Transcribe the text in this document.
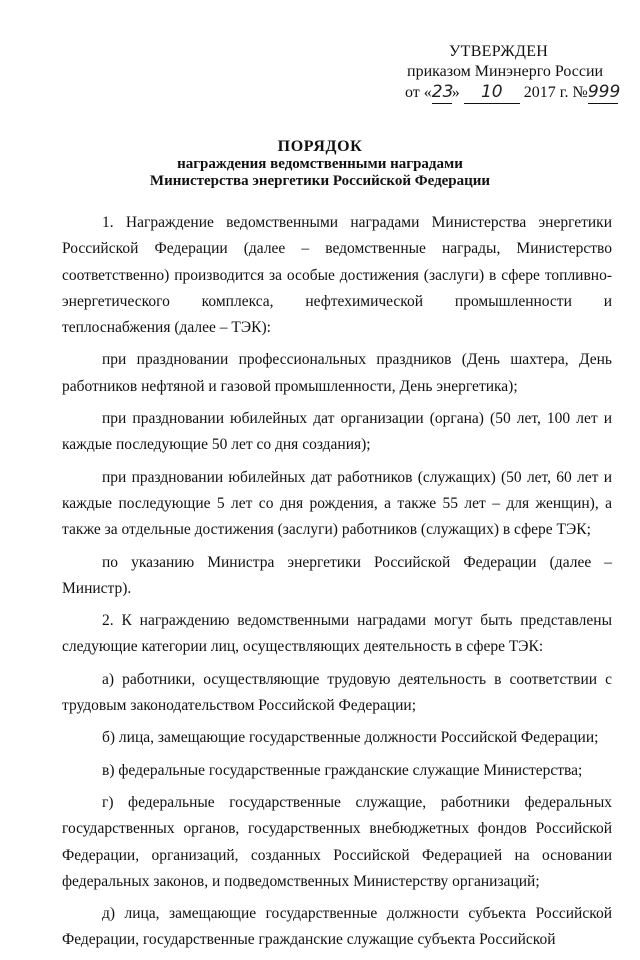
УТВЕРЖДЕН
приказом Минэнерго России
от «23» 10 2017 г. №999
ПОРЯДОК
награждения ведомственными наградами
Министерства энергетики Российской Федерации

1. Награждение ведомственными наградами Министерства энергетики Российской Федерации (далее – ведомственные награды, Министерство соответственно) производится за особые достижения (заслуги) в сфере топливно-энергетического комплекса, нефтехимической промышленности и теплоснабжения (далее – ТЭК):

при праздновании профессиональных праздников (День шахтера, День работников нефтяной и газовой промышленности, День энергетика);

при праздновании юбилейных дат организации (органа) (50 лет, 100 лет и каждые последующие 50 лет со дня создания);

при праздновании юбилейных дат работников (служащих) (50 лет, 60 лет и каждые последующие 5 лет со дня рождения, а также 55 лет – для женщин), а также за отдельные достижения (заслуги) работников (служащих) в сфере ТЭК;

по указанию Министра энергетики Российской Федерации (далее – Министр).

2. К награждению ведомственными наградами могут быть представлены следующие категории лиц, осуществляющих деятельность в сфере ТЭК:

а) работники, осуществляющие трудовую деятельность в соответствии с трудовым законодательством Российской Федерации;

б) лица, замещающие государственные должности Российской Федерации;

в) федеральные государственные гражданские служащие Министерства;

г) федеральные государственные служащие, работники федеральных государственных органов, государственных внебюджетных фондов Российской Федерации, организаций, созданных Российской Федерацией на основании федеральных законов, и подведомственных Министерству организаций;

д) лица, замещающие государственные должности субъекта Российской Федерации, государственные гражданские служащие субъекта Российской
